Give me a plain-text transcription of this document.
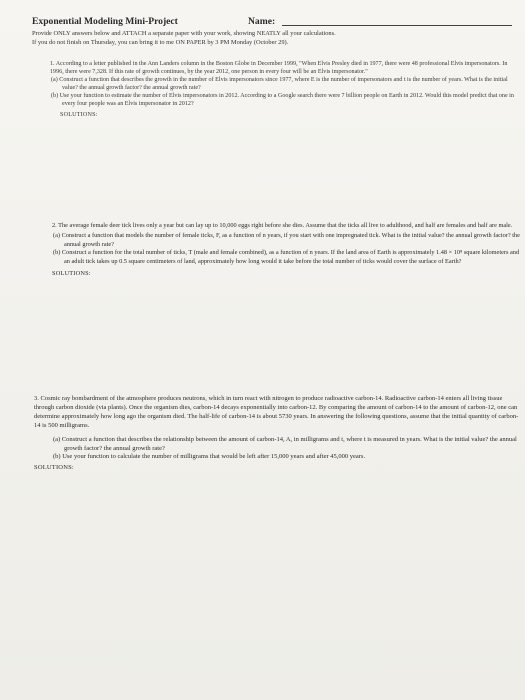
Exponential Modeling Mini-Project	Name:
Provide ONLY answers below and ATTACH a separate paper with your work, showing NEATLY all your calculations.
If you do not finish on Thursday, you can bring it to me ON PAPER by 3 PM Monday (October 29).

1. According to a letter published in the Ann Landers column in the Boston Globe in December 1999, "When Elvis Presley died in 1977, there were 48 professional Elvis impersonators. In 1996, there were 7,328. If this rate of growth continues, by the year 2012, one person in every four will be an Elvis impersonator."

(a) Construct a function that describes the growth in the number of Elvis impersonators since 1977, where E is the number of impersonators and t is the number of years. What is the initial value? the annual growth factor? the annual growth rate?

(b) Use your function to estimate the number of Elvis impersonators in 2012. According to a Google search there were 7 billion people on Earth in 2012. Would this model predict that one in every four people was an Elvis impersonator in 2012?

SOLUTIONS:

2. The average female deer tick lives only a year but can lay up to 10,000 eggs right before she dies. Assume that the ticks all live to adulthood, and half are females and half are male.

(a) Construct a function that models the number of female ticks, F, as a function of n years, if you start with one impregnated tick. What is the initial value? the annual growth factor? the annual growth rate?

(b) Construct a function for the total number of ticks, T (male and female combined), as a function of n years. If the land area of Earth is approximately 1.48 × 10⁸ square kilometers and an adult tick takes up 0.5 square centimeters of land, approximately how long would it take before the total number of ticks would cover the surface of Earth?

SOLUTIONS:

3. Cosmic ray bombardment of the atmosphere produces neutrons, which in turn react with nitrogen to produce radioactive carbon-14. Radioactive carbon-14 enters all living tissue through carbon dioxide (via plants). Once the organism dies, carbon-14 decays exponentially into carbon-12. By comparing the amount of carbon-14 to the amount of carbon-12, one can determine approximately how long ago the organism died. The half-life of carbon-14 is about 5730 years. In answering the following questions, assume that the initial quantity of carbon-14 is 500 milligrams.

(a) Construct a function that describes the relationship between the amount of carbon-14, A, in milligrams and t, where t is measured in years. What is the initial value? the annual growth factor? the annual growth rate?

(b) Use your function to calculate the number of milligrams that would be left after 15,000 years and after 45,000 years.

SOLUTIONS:
